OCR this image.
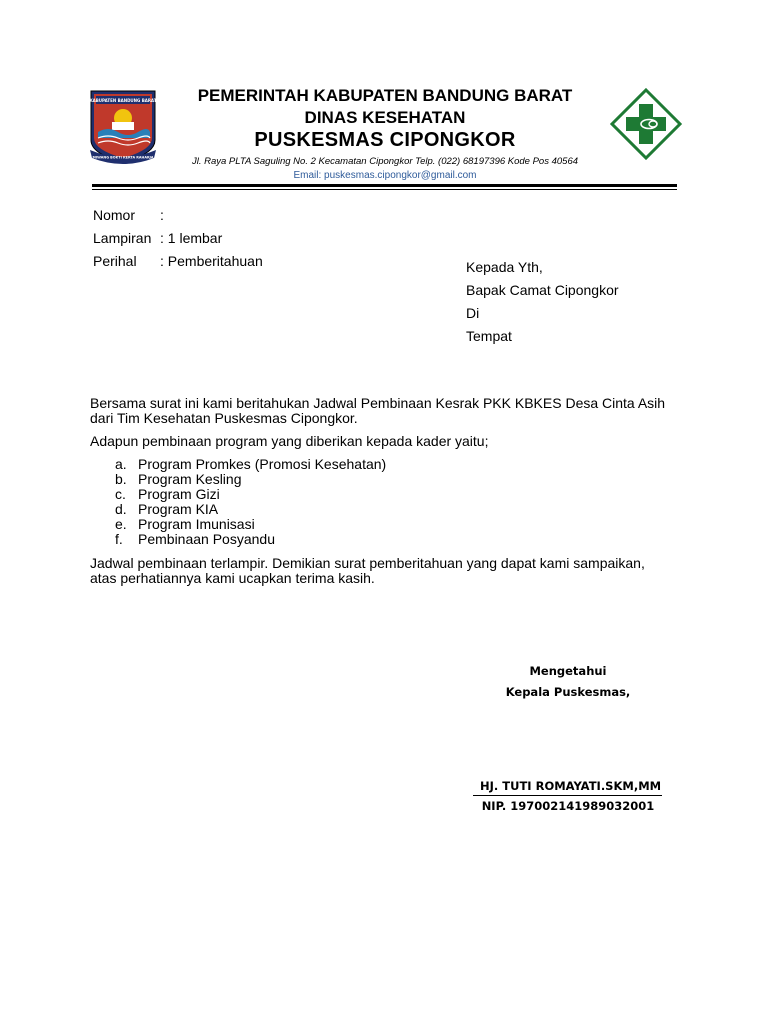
KABUPATEN BANDUNG BARAT
MIWANG BOKTI KERTA RAHARJA
PEMERINTAH KABUPATEN BANDUNG BARAT
DINAS KESEHATAN
PUSKESMAS CIPONGKOR
Jl. Raya PLTA Saguling No. 2 Kecamatan Cipongkor Telp. (022) 68197396 Kode Pos 40564
Email: puskesmas.cipongkor@gmail.com
Nomor :
Lampiran : 1 lembar
Perihal : Pemberitahuan	Kepada Yth,
Bapak Camat Cipongkor
Di
Tempat
Bersama surat ini kami beritahukan Jadwal Pembinaan Kesrak PKK KBKES Desa Cinta Asih
dari Tim Kesehatan Puskesmas Cipongkor.
Adapun pembinaan program yang diberikan kepada kader yaitu;
a. Program Promkes (Promosi Kesehatan)
b. Program Kesling
c. Program Gizi
d. Program KIA
e. Program Imunisasi
f. Pembinaan Posyandu
Jadwal pembinaan terlampir. Demikian surat pemberitahuan yang dapat kami sampaikan,
atas perhatiannya kami ucapkan terima kasih.
Mengetahui
Kepala Puskesmas,
HJ. TUTI ROMAYATI.SKM,MM
NIP. 197002141989032001
